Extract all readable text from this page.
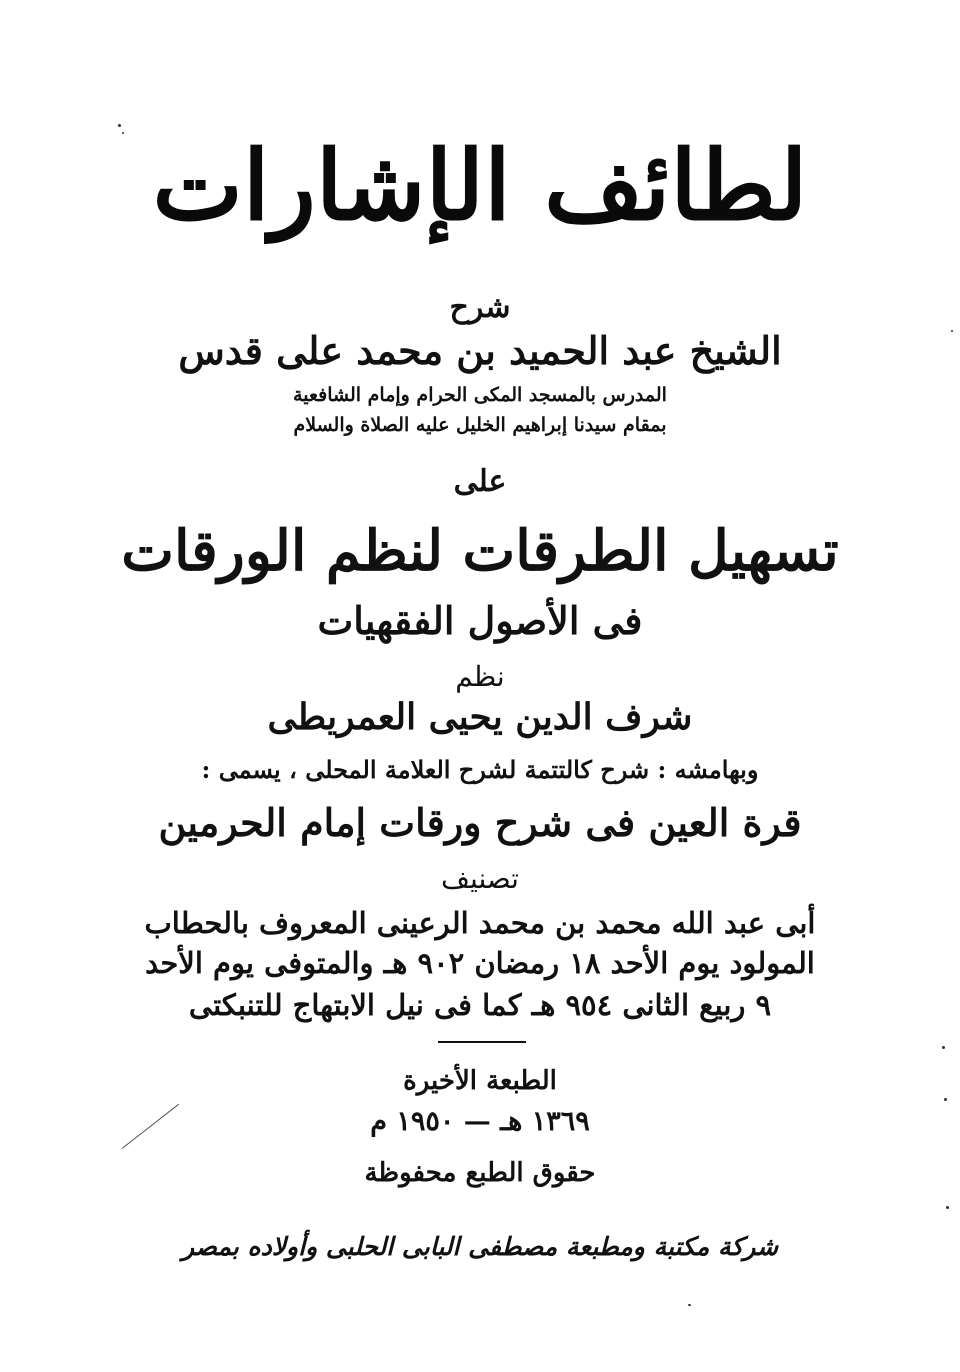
لطائف الإشارات
شرح
الشيخ عبد الحميد بن محمد على قدس
المدرس بالمسجد المكى الحرام وإمام الشافعية
بمقام سيدنا إبراهيم الخليل عليه الصلاة والسلام
على
تسهيل الطرقات لنظم الورقات
فى الأصول الفقهيات
نظم
شرف الدين يحيى العمريطى
وبهامشه : شرح كالتتمة لشرح العلامة المحلى ، يسمى :
قرة العين فى شرح ورقات إمام الحرمين
تصنيف
أبى عبد الله محمد بن محمد الرعينى المعروف بالحطاب
المولود يوم الأحد ١٨ رمضان ٩٠٢ هـ والمتوفى يوم الأحد
٩ ربيع الثانى ٩٥٤ هـ كما فى نيل الابتهاج للتنبكتى
الطبعة الأخيرة
١٣٦٩ هـ — ١٩٥٠ م
حقوق الطبع محفوظة
شركة مكتبة ومطبعة مصطفى البابى الحلبى وأولاده بمصر
